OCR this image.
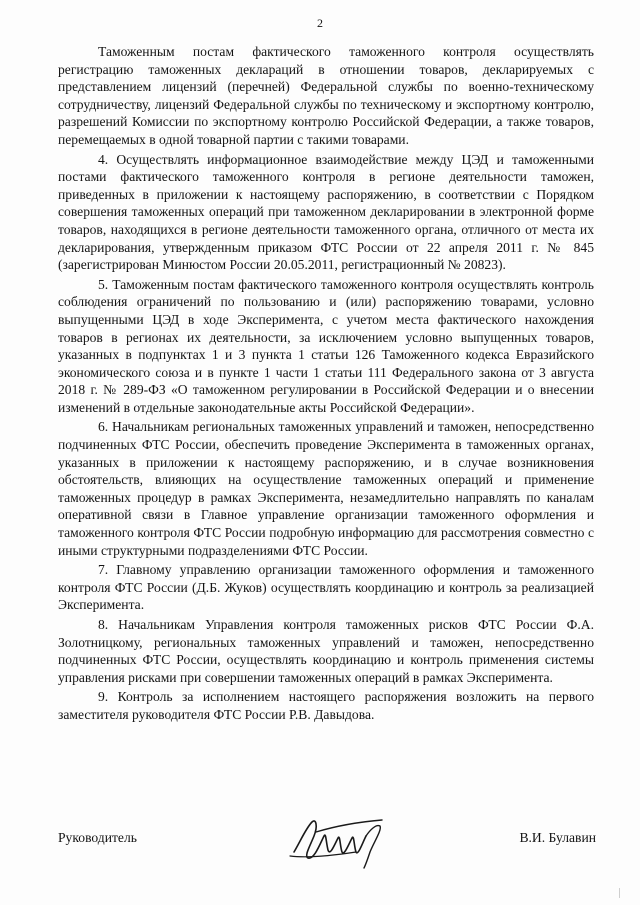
2

Таможенным постам фактического таможенного контроля осуществлять регистрацию таможенных деклараций в отношении товаров, декларируемых с представлением лицензий (перечней) Федеральной службы по военно-техническому сотрудничеству, лицензий Федеральной службы по техническому и экспортному контролю, разрешений Комиссии по экспортному контролю Российской Федерации, а также товаров, перемещаемых в одной товарной партии с такими товарами.

4. Осуществлять информационное взаимодействие между ЦЭД и таможенными постами фактического таможенного контроля в регионе деятельности таможен, приведенных в приложении к настоящему распоряжению, в соответствии с Порядком совершения таможенных операций при таможенном декларировании в электронной форме товаров, находящихся в регионе деятельности таможенного органа, отличного от места их декларирования, утвержденным приказом ФТС России от 22 апреля 2011 г. № 845 (зарегистрирован Минюстом России 20.05.2011, регистрационный № 20823).

5. Таможенным постам фактического таможенного контроля осуществлять контроль соблюдения ограничений по пользованию и (или) распоряжению товарами, условно выпущенными ЦЭД в ходе Эксперимента, с учетом места фактического нахождения товаров в регионах их деятельности, за исключением условно выпущенных товаров, указанных в подпунктах 1 и 3 пункта 1 статьи 126 Таможенного кодекса Евразийского экономического союза и в пункте 1 части 1 статьи 111 Федерального закона от 3 августа 2018 г. № 289-ФЗ «О таможенном регулировании в Российской Федерации и о внесении изменений в отдельные законодательные акты Российской Федерации».

6. Начальникам региональных таможенных управлений и таможен, непосредственно подчиненных ФТС России, обеспечить проведение Эксперимента в таможенных органах, указанных в приложении к настоящему распоряжению, и в случае возникновения обстоятельств, влияющих на осуществление таможенных операций и применение таможенных процедур в рамках Эксперимента, незамедлительно направлять по каналам оперативной связи в Главное управление организации таможенного оформления и таможенного контроля ФТС России подробную информацию для рассмотрения совместно с иными структурными подразделениями ФТС России.

7. Главному управлению организации таможенного оформления и таможенного контроля ФТС России (Д.Б. Жуков) осуществлять координацию и контроль за реализацией Эксперимента.

8. Начальникам Управления контроля таможенных рисков ФТС России Ф.А. Золотницкому, региональных таможенных управлений и таможен, непосредственно подчиненных ФТС России, осуществлять координацию и контроль применения системы управления рисками при совершении таможенных операций в рамках Эксперимента.

9. Контроль за исполнением настоящего распоряжения возложить на первого заместителя руководителя ФТС России Р.В. Давыдова.

Руководитель	В.И. Булавин
